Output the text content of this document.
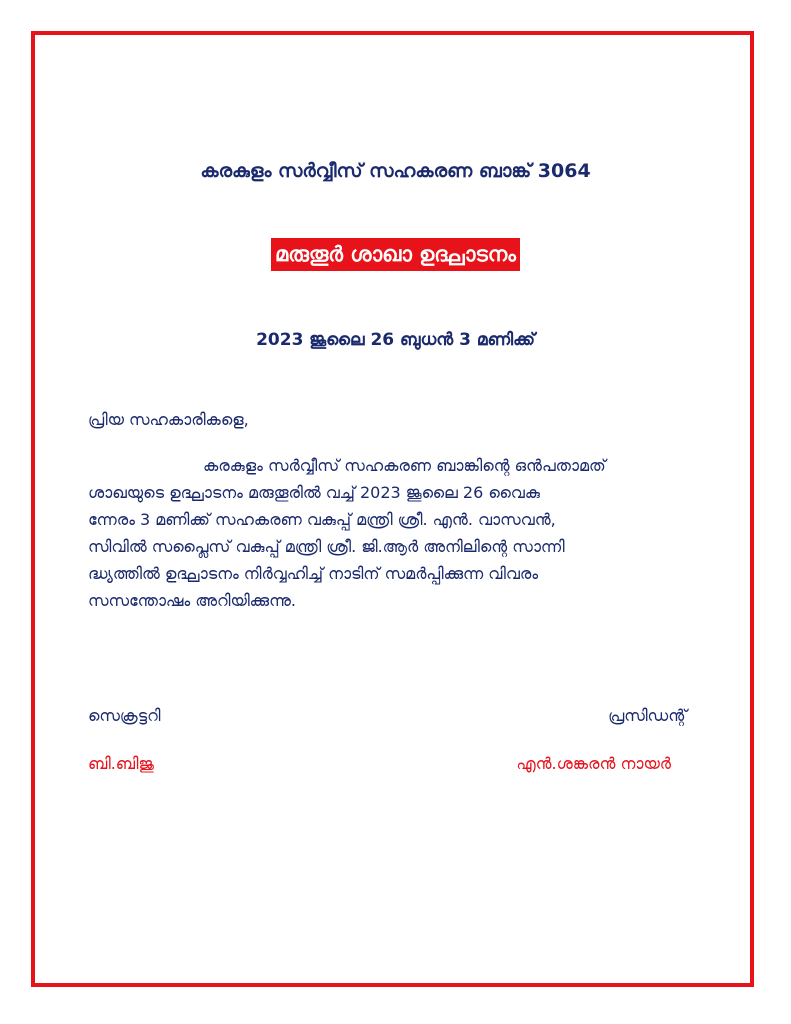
കരകുളം സർവ്വീസ് സഹകരണ ബാങ്ക് 3064
മരുതൂർ ശാഖാ ഉദ്ഘാടനം
2023 ജൂലൈ 26 ബുധൻ 3 മണിക്ക്
പ്രിയ സഹകാരികളെ,
കരകുളം സർവ്വീസ് സഹകരണ ബാങ്കിന്റെ ഒൻപതാമത്
ശാഖയുടെ ഉദ്ഘാടനം മരുതൂരിൽ വച്ച് 2023 ജൂലൈ 26 വൈകു
ന്നേരം 3 മണിക്ക് സഹകരണ വകുപ്പ് മന്ത്രി ശ്രീ. എൻ. വാസവൻ,
സിവിൽ സപ്ലൈസ് വകുപ്പ് മന്ത്രി ശ്രീ. ജി.ആർ അനിലിന്റെ സാന്നി
ദ്ധ്യത്തിൽ ഉദ്ഘാടനം നിർവ്വഹിച്ച് നാടിന് സമർപ്പിക്കുന്ന വിവരം
സസന്തോഷം അറിയിക്കുന്നു.
സെക്രട്ടറി	പ്രസിഡന്റ്
ബി.ബിജു	എൻ.ശങ്കരൻ നായർ
